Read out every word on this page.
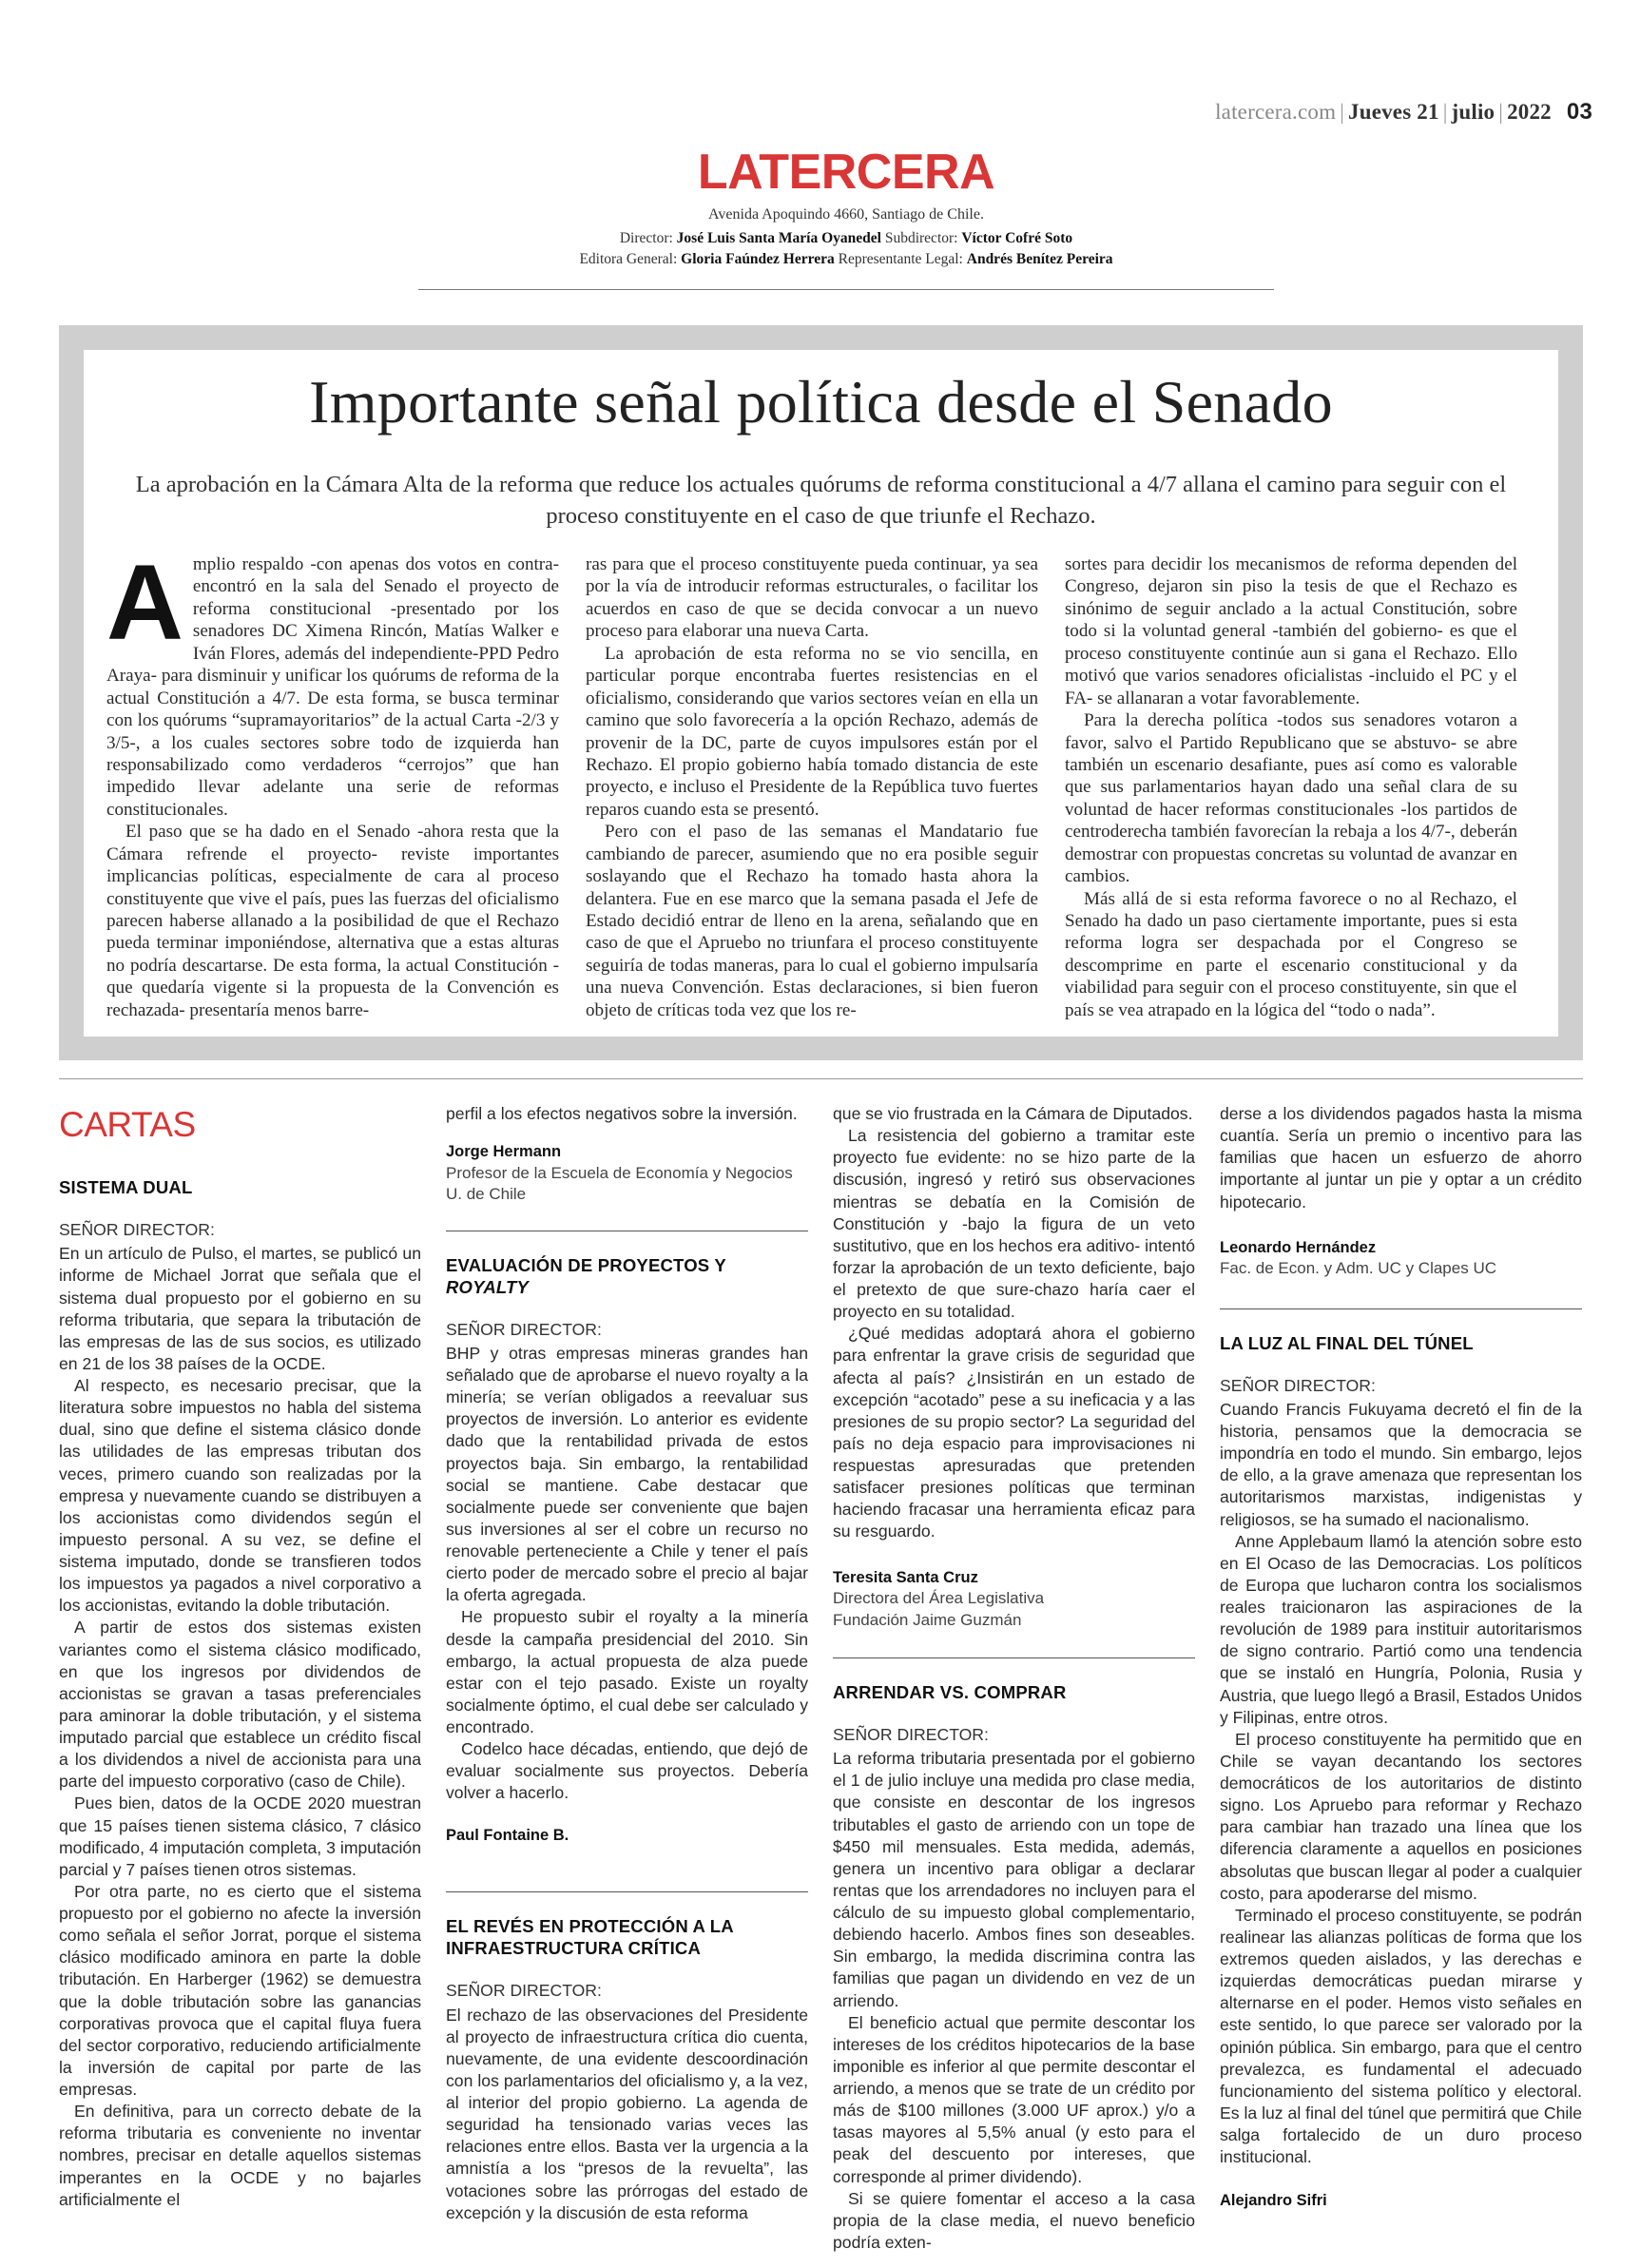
latercera.com | Jueves 21 | julio | 2022 03
LATERCERA
Avenida Apoquindo 4660, Santiago de Chile.
Director: José Luis Santa María Oyanedel Subdirector: Víctor Cofré Soto
Editora General: Gloria Faúndez Herrera Representante Legal: Andrés Benítez Pereira
Importante señal política desde el Senado

La aprobación en la Cámara Alta de la reforma que reduce los actuales quórums de reforma constitucional a 4/7 allana el camino para seguir con el proceso constituyente en el caso de que triunfe el Rechazo.

Amplio respaldo -con apenas dos votos en contra- encontró en la sala del Senado el proyecto de reforma constitucional -presentado por los senadores DC Ximena Rincón, Matías Walker e Iván Flores, además del independiente-PPD Pedro Araya- para disminuir y unificar los quórums de reforma de la actual Constitución a 4/7. De esta forma, se busca terminar con los quórums “supramayoritarios” de la actual Carta -2/3 y 3/5-, a los cuales sectores sobre todo de izquierda han responsabilizado como verdaderos “cerrojos” que han impedido llevar adelante una serie de reformas constitucionales.

El paso que se ha dado en el Senado -ahora resta que la Cámara refrende el proyecto- reviste importantes implicancias políticas, especialmente de cara al proceso constituyente que vive el país, pues las fuerzas del oficialismo parecen haberse allanado a la posibilidad de que el Rechazo pueda terminar imponiéndose, alternativa que a estas alturas no podría descartarse. De esta forma, la actual Constitución -que quedaría vigente si la propuesta de la Convención es rechazada- presentaría menos barre-

ras para que el proceso constituyente pueda continuar, ya sea por la vía de introducir reformas estructurales, o facilitar los acuerdos en caso de que se decida convocar a un nuevo proceso para elaborar una nueva Carta.

La aprobación de esta reforma no se vio sencilla, en particular porque encontraba fuertes resistencias en el oficialismo, considerando que varios sectores veían en ella un camino que solo favorecería a la opción Rechazo, además de provenir de la DC, parte de cuyos impulsores están por el Rechazo. El propio gobierno había tomado distancia de este proyecto, e incluso el Presidente de la República tuvo fuertes reparos cuando esta se presentó.

Pero con el paso de las semanas el Mandatario fue cambiando de parecer, asumiendo que no era posible seguir soslayando que el Rechazo ha tomado hasta ahora la delantera. Fue en ese marco que la semana pasada el Jefe de Estado decidió entrar de lleno en la arena, señalando que en caso de que el Apruebo no triunfara el proceso constituyente seguiría de todas maneras, para lo cual el gobierno impulsaría una nueva Convención. Estas declaraciones, si bien fueron objeto de críticas toda vez que los re-

sortes para decidir los mecanismos de reforma dependen del Congreso, dejaron sin piso la tesis de que el Rechazo es sinónimo de seguir anclado a la actual Constitución, sobre todo si la voluntad general -también del gobierno- es que el proceso constituyente continúe aun si gana el Rechazo. Ello motivó que varios senadores oficialistas -incluido el PC y el FA- se allanaran a votar favorablemente.

Para la derecha política -todos sus senadores votaron a favor, salvo el Partido Republicano que se abstuvo- se abre también un escenario desafiante, pues así como es valorable que sus parlamentarios hayan dado una señal clara de su voluntad de hacer reformas constitucionales -los partidos de centroderecha también favorecían la rebaja a los 4/7-, deberán demostrar con propuestas concretas su voluntad de avanzar en cambios.

Más allá de si esta reforma favorece o no al Rechazo, el Senado ha dado un paso ciertamente importante, pues si esta reforma logra ser despachada por el Congreso se descomprime en parte el escenario constitucional y da viabilidad para seguir con el proceso constituyente, sin que el país se vea atrapado en la lógica del “todo o nada”.

CARTAS
SISTEMA DUAL
SEÑOR DIRECTOR:

En un artículo de Pulso, el martes, se publicó un informe de Michael Jorrat que señala que el sistema dual propuesto por el gobierno en su reforma tributaria, que separa la tributación de las empresas de las de sus socios, es utilizado en 21 de los 38 países de la OCDE.

Al respecto, es necesario precisar, que la literatura sobre impuestos no habla del sistema dual, sino que define el sistema clásico donde las utilidades de las empresas tributan dos veces, primero cuando son realizadas por la empresa y nuevamente cuando se distribuyen a los accionistas como dividendos según el impuesto personal. A su vez, se define el sistema imputado, donde se transfieren todos los impuestos ya pagados a nivel corporativo a los accionistas, evitando la doble tributación.

A partir de estos dos sistemas existen variantes como el sistema clásico modificado, en que los ingresos por dividendos de accionistas se gravan a tasas preferenciales para aminorar la doble tributación, y el sistema imputado parcial que establece un crédito fiscal a los dividendos a nivel de accionista para una parte del impuesto corporativo (caso de Chile).

Pues bien, datos de la OCDE 2020 muestran que 15 países tienen sistema clásico, 7 clásico modificado, 4 imputación completa, 3 imputación parcial y 7 países tienen otros sistemas.

Por otra parte, no es cierto que el sistema propuesto por el gobierno no afecte la inversión como señala el señor Jorrat, porque el sistema clásico modificado aminora en parte la doble tributación. En Harberger (1962) se demuestra que la doble tributación sobre las ganancias corporativas provoca que el capital fluya fuera del sector corporativo, reduciendo artificialmente la inversión de capital por parte de las empresas.

En definitiva, para un correcto debate de la reforma tributaria es conveniente no inventar nombres, precisar en detalle aquellos sistemas imperantes en la OCDE y no bajarles artificialmente el

perfil a los efectos negativos sobre la inversión.

Jorge Hermann
Profesor de la Escuela de Economía y Negocios
U. de Chile
EVALUACIÓN DE PROYECTOS Y
ROYALTY
SEÑOR DIRECTOR:

BHP y otras empresas mineras grandes han señalado que de aprobarse el nuevo royalty a la minería; se verían obligados a reevaluar sus proyectos de inversión. Lo anterior es evidente dado que la rentabilidad privada de estos proyectos baja. Sin embargo, la rentabilidad social se mantiene. Cabe destacar que socialmente puede ser conveniente que bajen sus inversiones al ser el cobre un recurso no renovable perteneciente a Chile y tener el país cierto poder de mercado sobre el precio al bajar la oferta agregada.

He propuesto subir el royalty a la minería desde la campaña presidencial del 2010. Sin embargo, la actual propuesta de alza puede estar con el tejo pasado. Existe un royalty socialmente óptimo, el cual debe ser calculado y encontrado.

Codelco hace décadas, entiendo, que dejó de evaluar socialmente sus proyectos. Debería volver a hacerlo.

Paul Fontaine B.
EL REVÉS EN PROTECCIÓN A LA INFRAESTRUCTURA CRÍTICA
SEÑOR DIRECTOR:

El rechazo de las observaciones del Presidente al proyecto de infraestructura crítica dio cuenta, nuevamente, de una evidente descoordinación con los parlamentarios del oficialismo y, a la vez, al interior del propio gobierno. La agenda de seguridad ha tensionado varias veces las relaciones entre ellos. Basta ver la urgencia a la amnistía a los “presos de la revuelta”, las votaciones sobre las prórrogas del estado de excepción y la discusión de esta reforma

que se vio frustrada en la Cámara de Diputados.

La resistencia del gobierno a tramitar este proyecto fue evidente: no se hizo parte de la discusión, ingresó y retiró sus observaciones mientras se debatía en la Comisión de Constitución y -bajo la figura de un veto sustitutivo, que en los hechos era aditivo- intentó forzar la aprobación de un texto deficiente, bajo el pretexto de que sure-chazo haría caer el proyecto en su totalidad.

¿Qué medidas adoptará ahora el gobierno para enfrentar la grave crisis de seguridad que afecta al país? ¿Insistirán en un estado de excepción “acotado” pese a su ineficacia y a las presiones de su propio sector? La seguridad del país no deja espacio para improvisaciones ni respuestas apresuradas que pretenden satisfacer presiones políticas que terminan haciendo fracasar una herramienta eficaz para su resguardo.

Teresita Santa Cruz
Directora del Área Legislativa
Fundación Jaime Guzmán
ARRENDAR VS. COMPRAR
SEÑOR DIRECTOR:

La reforma tributaria presentada por el gobierno el 1 de julio incluye una medida pro clase media, que consiste en descontar de los ingresos tributables el gasto de arriendo con un tope de $450 mil mensuales. Esta medida, además, genera un incentivo para obligar a declarar rentas que los arrendadores no incluyen para el cálculo de su impuesto global complementario, debiendo hacerlo. Ambos fines son deseables. Sin embargo, la medida discrimina contra las familias que pagan un dividendo en vez de un arriendo.

El beneficio actual que permite descontar los intereses de los créditos hipotecarios de la base imponible es inferior al que permite descontar el arriendo, a menos que se trate de un crédito por más de $100 millones (3.000 UF aprox.) y/o a tasas mayores al 5,5% anual (y esto para el peak del descuento por intereses, que corresponde al primer dividendo).

Si se quiere fomentar el acceso a la casa propia de la clase media, el nuevo beneficio podría exten-

derse a los dividendos pagados hasta la misma cuantía. Sería un premio o incentivo para las familias que hacen un esfuerzo de ahorro importante al juntar un pie y optar a un crédito hipotecario.

Leonardo Hernández
Fac. de Econ. y Adm. UC y Clapes UC
LA LUZ AL FINAL DEL TÚNEL
SEÑOR DIRECTOR:

Cuando Francis Fukuyama decretó el fin de la historia, pensamos que la democracia se impondría en todo el mundo. Sin embargo, lejos de ello, a la grave amenaza que representan los autoritarismos marxistas, indigenistas y religiosos, se ha sumado el nacionalismo.

Anne Applebaum llamó la atención sobre esto en El Ocaso de las Democracias. Los políticos de Europa que lucharon contra los socialismos reales traicionaron las aspiraciones de la revolución de 1989 para instituir autoritarismos de signo contrario. Partió como una tendencia que se instaló en Hungría, Polonia, Rusia y Austria, que luego llegó a Brasil, Estados Unidos y Filipinas, entre otros.

El proceso constituyente ha permitido que en Chile se vayan decantando los sectores democráticos de los autoritarios de distinto signo. Los Apruebo para reformar y Rechazo para cambiar han trazado una línea que los diferencia claramente a aquellos en posiciones absolutas que buscan llegar al poder a cualquier costo, para apoderarse del mismo.

Terminado el proceso constituyente, se podrán realinear las alianzas políticas de forma que los extremos queden aislados, y las derechas e izquierdas democráticas puedan mirarse y alternarse en el poder. Hemos visto señales en este sentido, lo que parece ser valorado por la opinión pública. Sin embargo, para que el centro prevalezca, es fundamental el adecuado funcionamiento del sistema político y electoral. Es la luz al final del túnel que permitirá que Chile salga fortalecido de un duro proceso institucional.

Alejandro Sifri
